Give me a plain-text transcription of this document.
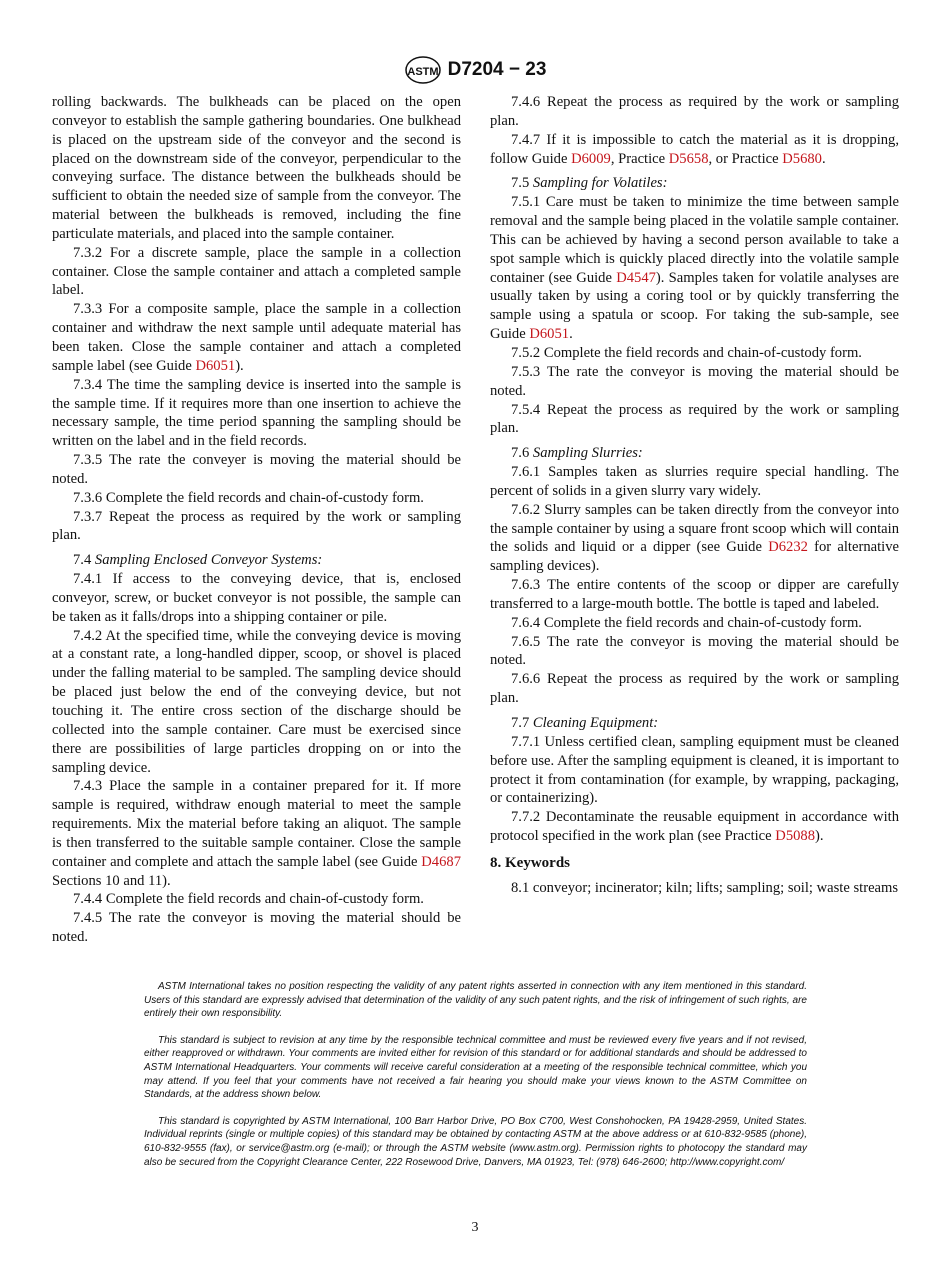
ASTM D7204 − 23

rolling backwards. The bulkheads can be placed on the open conveyor to establish the sample gathering boundaries. One bulkhead is placed on the upstream side of the conveyor and the second is placed on the downstream side of the conveyor, perpendicular to the conveying surface. The distance between the bulkheads should be sufficient to obtain the needed size of sample from the conveyor. The material between the bulkheads is removed, including the fine particulate materials, and placed into the sample container.

7.3.2 For a discrete sample, place the sample in a collection container. Close the sample container and attach a completed sample label.

7.3.3 For a composite sample, place the sample in a collection container and withdraw the next sample until adequate material has been taken. Close the sample container and attach a completed sample label (see Guide D6051).

7.3.4 The time the sampling device is inserted into the sample is the sample time. If it requires more than one insertion to achieve the necessary sample, the time period spanning the sampling should be written on the label and in the field records.

7.3.5 The rate the conveyer is moving the material should be noted.

7.3.6 Complete the field records and chain-of-custody form.

7.3.7 Repeat the process as required by the work or sampling plan.

7.4 Sampling Enclosed Conveyor Systems:

7.4.1 If access to the conveying device, that is, enclosed conveyor, screw, or bucket conveyor is not possible, the sample can be taken as it falls/drops into a shipping container or pile.

7.4.2 At the specified time, while the conveying device is moving at a constant rate, a long-handled dipper, scoop, or shovel is placed under the falling material to be sampled. The sampling device should be placed just below the end of the conveying device, but not touching it. The entire cross section of the discharge should be collected into the sample container. Care must be exercised since there are possibilities of large particles dropping on or into the sampling device.

7.4.3 Place the sample in a container prepared for it. If more sample is required, withdraw enough material to meet the sample requirements. Mix the material before taking an aliquot. The sample is then transferred to the suitable sample container. Close the sample container and complete and attach the sample label (see Guide D4687 Sections 10 and 11).

7.4.4 Complete the field records and chain-of-custody form.

7.4.5 The rate the conveyor is moving the material should be noted.

7.4.6 Repeat the process as required by the work or sampling plan.

7.4.7 If it is impossible to catch the material as it is dropping, follow Guide D6009, Practice D5658, or Practice D5680.

7.5 Sampling for Volatiles:

7.5.1 Care must be taken to minimize the time between sample removal and the sample being placed in the volatile sample container. This can be achieved by having a second person available to take a spot sample which is quickly placed directly into the volatile sample container (see Guide D4547). Samples taken for volatile analyses are usually taken by using a coring tool or by quickly transferring the sample using a spatula or scoop. For taking the sub-sample, see Guide D6051.

7.5.2 Complete the field records and chain-of-custody form.

7.5.3 The rate the conveyor is moving the material should be noted.

7.5.4 Repeat the process as required by the work or sampling plan.

7.6 Sampling Slurries:

7.6.1 Samples taken as slurries require special handling. The percent of solids in a given slurry vary widely.

7.6.2 Slurry samples can be taken directly from the conveyor into the sample container by using a square front scoop which will contain the solids and liquid or a dipper (see Guide D6232 for alternative sampling devices).

7.6.3 The entire contents of the scoop or dipper are carefully transferred to a large-mouth bottle. The bottle is taped and labeled.

7.6.4 Complete the field records and chain-of-custody form.

7.6.5 The rate the conveyor is moving the material should be noted.

7.6.6 Repeat the process as required by the work or sampling plan.

7.7 Cleaning Equipment:

7.7.1 Unless certified clean, sampling equipment must be cleaned before use. After the sampling equipment is cleaned, it is important to protect it from contamination (for example, by wrapping, packaging, or containerizing).

7.7.2 Decontaminate the reusable equipment in accordance with protocol specified in the work plan (see Practice D5088).

8. Keywords

8.1 conveyor; incinerator; kiln; lifts; sampling; soil; waste streams

ASTM International takes no position respecting the validity of any patent rights asserted in connection with any item mentioned in this standard. Users of this standard are expressly advised that determination of the validity of any such patent rights, and the risk of infringement of such rights, are entirely their own responsibility.

This standard is subject to revision at any time by the responsible technical committee and must be reviewed every five years and if not revised, either reapproved or withdrawn. Your comments are invited either for revision of this standard or for additional standards and should be addressed to ASTM International Headquarters. Your comments will receive careful consideration at a meeting of the responsible technical committee, which you may attend. If you feel that your comments have not received a fair hearing you should make your views known to the ASTM Committee on Standards, at the address shown below.

This standard is copyrighted by ASTM International, 100 Barr Harbor Drive, PO Box C700, West Conshohocken, PA 19428-2959, United States. Individual reprints (single or multiple copies) of this standard may be obtained by contacting ASTM at the above address or at 610-832-9585 (phone), 610-832-9555 (fax), or service@astm.org (e-mail); or through the ASTM website (www.astm.org). Permission rights to photocopy the standard may also be secured from the Copyright Clearance Center, 222 Rosewood Drive, Danvers, MA 01923, Tel: (978) 646-2600; http://www.copyright.com/

3
